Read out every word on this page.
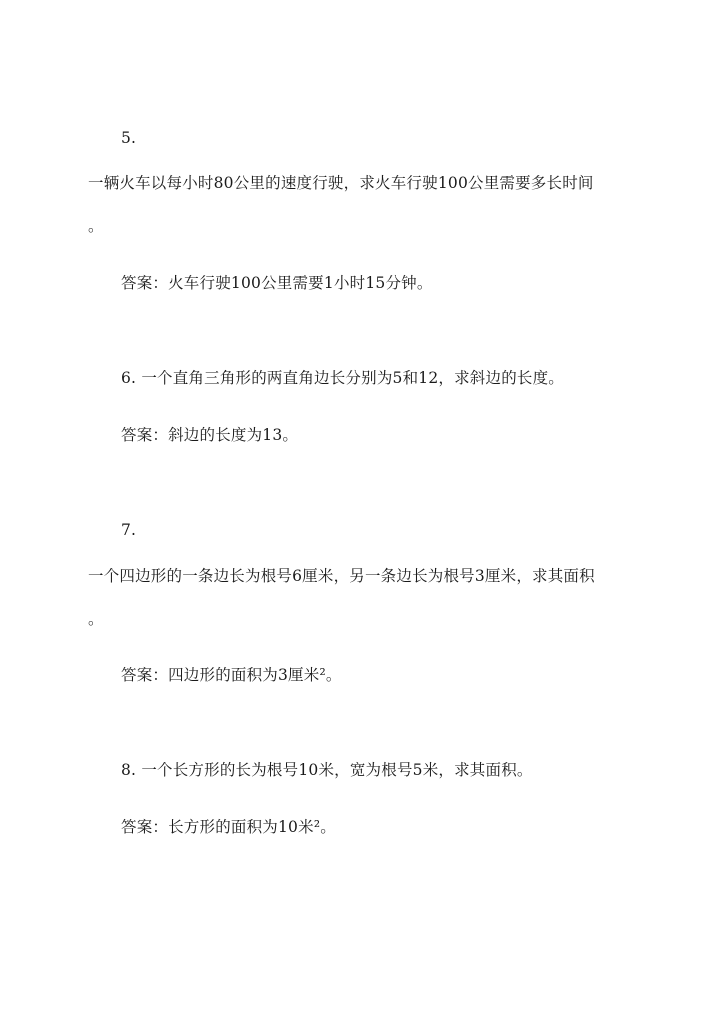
5.
一辆火车以每小时80公里的速度行驶，求火车行驶100公里需要多长时间
。
答案：火车行驶100公里需要1小时15分钟。
6. 一个直角三角形的两直角边长分别为5和12，求斜边的长度。
答案：斜边的长度为13。
7.
一个四边形的一条边长为根号6厘米，另一条边长为根号3厘米，求其面积
。
答案：四边形的面积为3厘米²。
8. 一个长方形的长为根号10米，宽为根号5米，求其面积。
答案：长方形的面积为10米²。
